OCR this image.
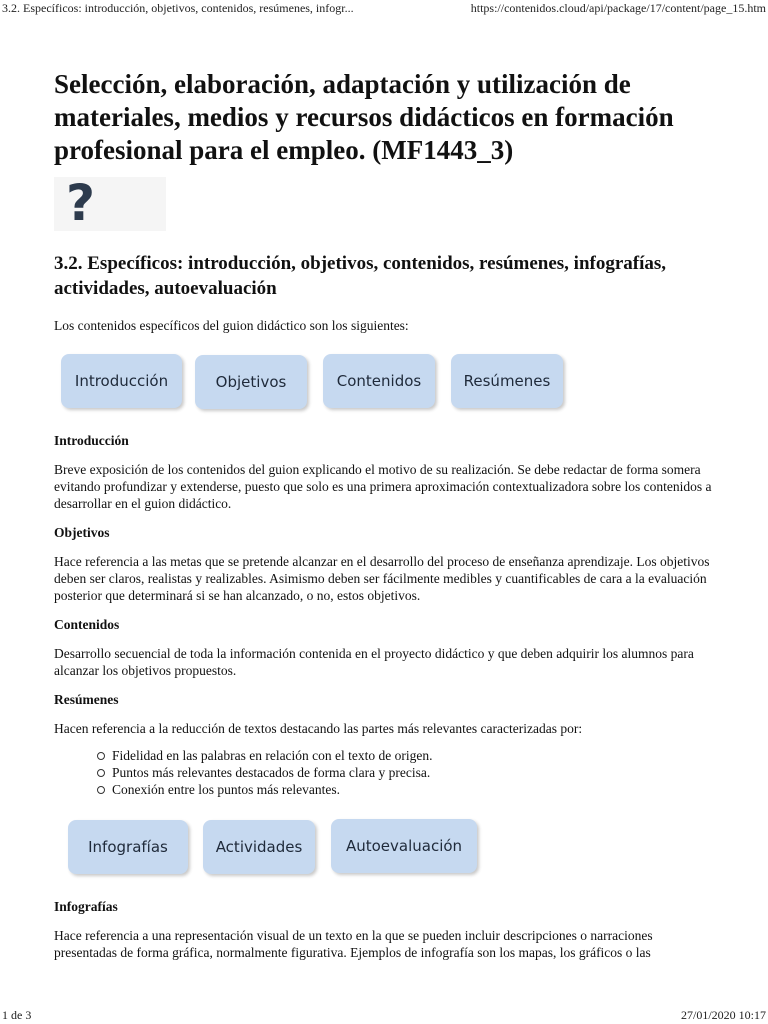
3.2. Específicos: introducción, objetivos, contenidos, resúmenes, infogr...	https://contenidos.cloud/api/package/17/content/page_15.htm
Selección, elaboración, adaptación y utilización de materiales, medios y recursos didácticos en formación profesional para el empleo. (MF1443_3)
?
3.2. Específicos: introducción, objetivos, contenidos, resúmenes, infografías, actividades, autoevaluación

Los contenidos específicos del guion didáctico son los siguientes:

Introducción	Objetivos	Contenidos	Resúmenes

Introducción

Breve exposición de los contenidos del guion explicando el motivo de su realización. Se debe redactar de forma somera evitando profundizar y extenderse, puesto que solo es una primera aproximación contextualizadora sobre los contenidos a desarrollar en el guion didáctico.

Objetivos

Hace referencia a las metas que se pretende alcanzar en el desarrollo del proceso de enseñanza aprendizaje. Los objetivos deben ser claros, realistas y realizables. Asimismo deben ser fácilmente medibles y cuantificables de cara a la evaluación posterior que determinará si se han alcanzado, o no, estos objetivos.

Contenidos

Desarrollo secuencial de toda la información contenida en el proyecto didáctico y que deben adquirir los alumnos para alcanzar los objetivos propuestos.

Resúmenes

Hacen referencia a la reducción de textos destacando las partes más relevantes caracterizadas por:

Fidelidad en las palabras en relación con el texto de origen.
Puntos más relevantes destacados de forma clara y precisa.
Conexión entre los puntos más relevantes.
Infografías	Actividades	Autoevaluación

Infografías

Hace referencia a una representación visual de un texto en la que se pueden incluir descripciones o narraciones presentadas de forma gráfica, normalmente figurativa. Ejemplos de infografía son los mapas, los gráficos o las

1 de 3	27/01/2020 10:17
